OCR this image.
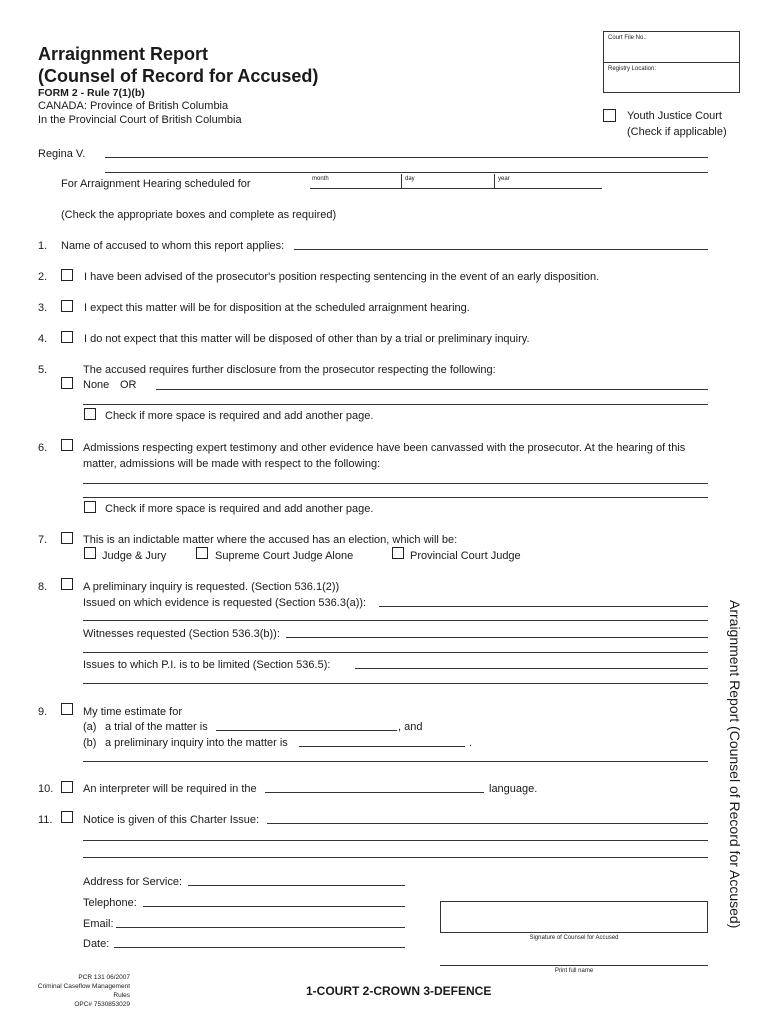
Arraignment Report
(Counsel of Record for Accused)
FORM 2 - Rule 7(1)(b)
CANADA: Province of British Columbia
In the Provincial Court of British Columbia
Court File No.:
Registry Location:
Youth Justice Court
(Check if applicable)
Regina V.
For Arraignment Hearing scheduled for	month	day	year
(Check the appropriate boxes and complete as required)
1. Name of accused to whom this report applies:
2.	I have been advised of the prosecutor's position respecting sentencing in the event of an early disposition.
3.	I expect this matter will be for disposition at the scheduled arraignment hearing.
4.	I do not expect that this matter will be disposed of other than by a trial or preliminary inquiry.
5.	The accused requires further disclosure from the prosecutor respecting the following:
None OR
Check if more space is required and add another page.
6.	Admissions respecting expert testimony and other evidence have been canvassed with the prosecutor. At the hearing of this
matter, admissions will be made with respect to the following:
Check if more space is required and add another page.
7.	This is an indictable matter where the accused has an election, which will be:
Judge & Jury	Supreme Court Judge Alone	Provincial Court Judge
8.	A preliminary inquiry is requested. (Section 536.1(2))
Issued on which evidence is requested (Section 536.3(a)):
Witnesses requested (Section 536.3(b)):
Issues to which P.I. is to be limited (Section 536.5):
9.	My time estimate for
(a) a trial of the matter is	, and
(b) a preliminary inquiry into the matter is	.
10.	An interpreter will be required in the	language.
11.	Notice is given of this Charter Issue:
Address for Service:
Telephone:
Email:
Date:	Signature of Counsel for Accused
Print full name
PCR 131 06/2007
Criminal Caseflow Management Rules
OPC# 7530853029
1-COURT 2-CROWN 3-DEFENCE
Arraignment Report (Counsel of Record for Accused)
